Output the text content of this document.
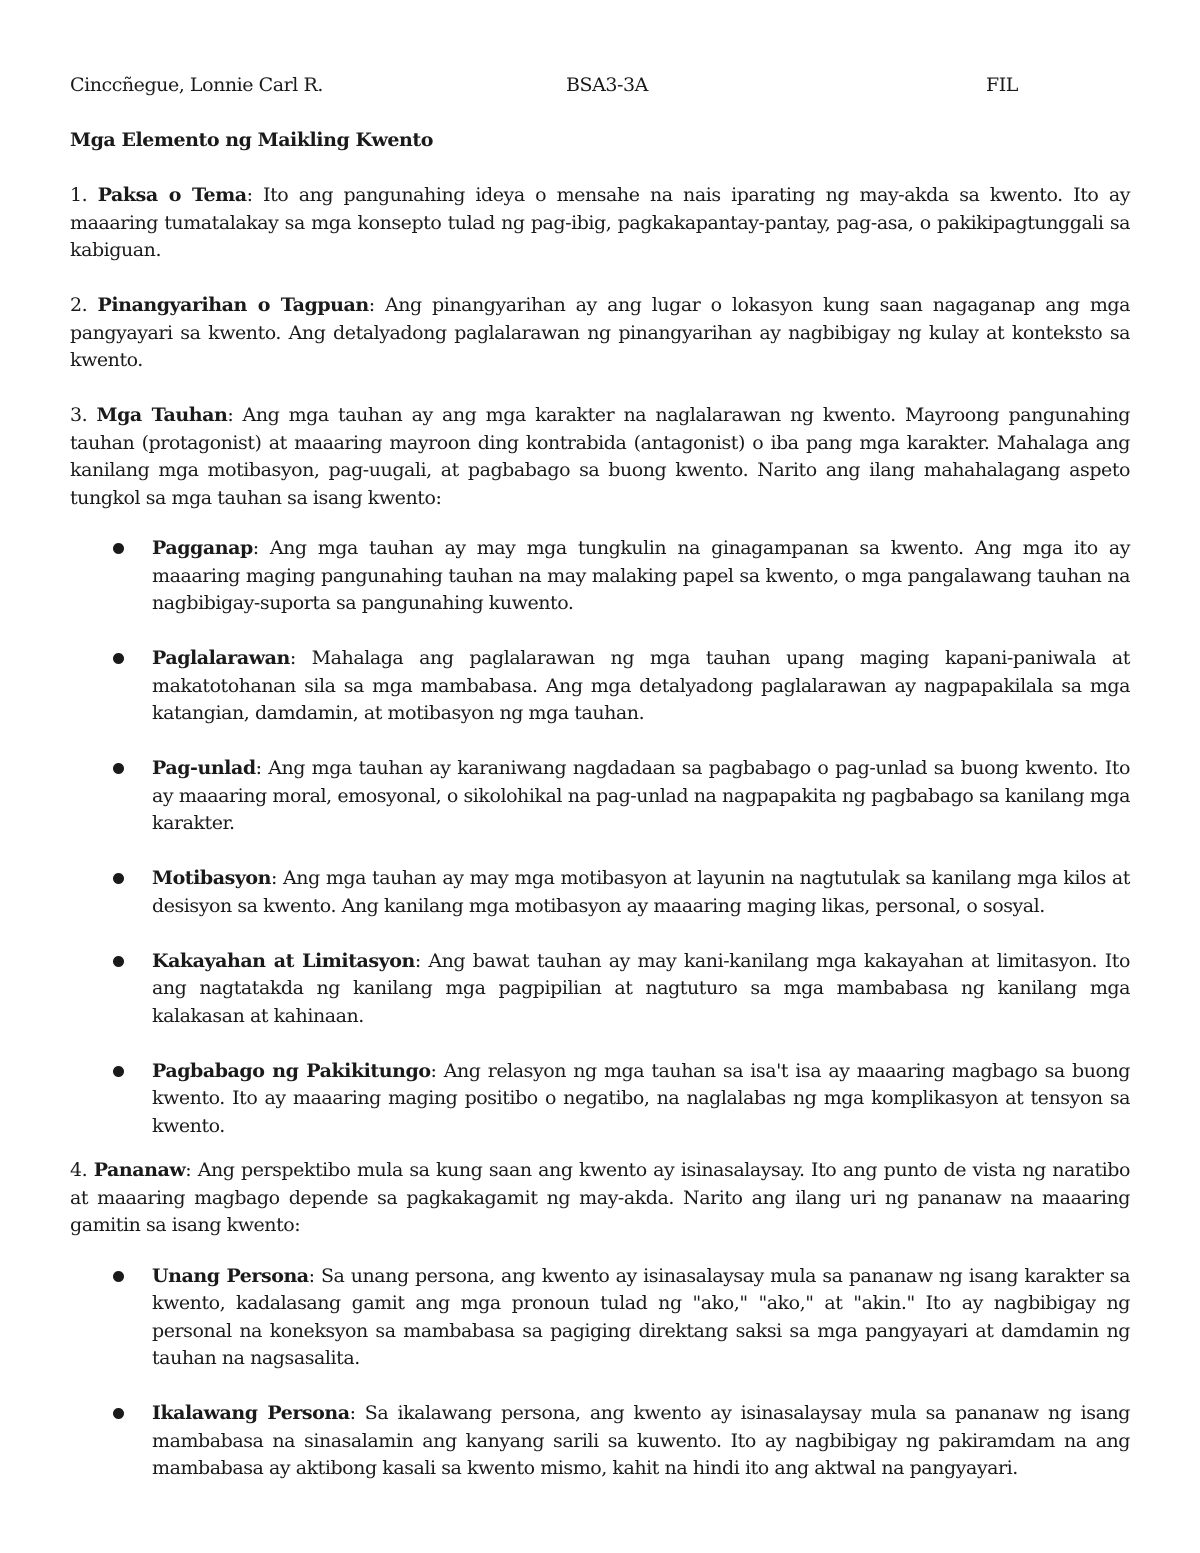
Cinccñegue, Lonnie Carl R.	BSA3-3A	FIL
Mga Elemento ng Maikling Kwento

1. Paksa o Tema: Ito ang pangunahing ideya o mensahe na nais iparating ng may-akda sa kwento. Ito ay maaaring tumatalakay sa mga konsepto tulad ng pag-ibig, pagkakapantay-pantay, pag-asa, o pakikipagtunggali sa kabiguan.

2. Pinangyarihan o Tagpuan: Ang pinangyarihan ay ang lugar o lokasyon kung saan nagaganap ang mga pangyayari sa kwento. Ang detalyadong paglalarawan ng pinangyarihan ay nagbibigay ng kulay at konteksto sa kwento.

3. Mga Tauhan: Ang mga tauhan ay ang mga karakter na naglalarawan ng kwento. Mayroong pangunahing tauhan (protagonist) at maaaring mayroon ding kontrabida (antagonist) o iba pang mga karakter. Mahalaga ang kanilang mga motibasyon, pag-uugali, at pagbabago sa buong kwento. Narito ang ilang mahahalagang aspeto tungkol sa mga tauhan sa isang kwento:

Pagganap: Ang mga tauhan ay may mga tungkulin na ginagampanan sa kwento. Ang mga ito ay maaaring maging pangunahing tauhan na may malaking papel sa kwento, o mga pangalawang tauhan na nagbibigay-suporta sa pangunahing kuwento.
Paglalarawan: Mahalaga ang paglalarawan ng mga tauhan upang maging kapani-paniwala at makatotohanan sila sa mga mambabasa. Ang mga detalyadong paglalarawan ay nagpapakilala sa mga katangian, damdamin, at motibasyon ng mga tauhan.
Pag-unlad: Ang mga tauhan ay karaniwang nagdadaan sa pagbabago o pag-unlad sa buong kwento. Ito ay maaaring moral, emosyonal, o sikolohikal na pag-unlad na nagpapakita ng pagbabago sa kanilang mga karakter.
Motibasyon: Ang mga tauhan ay may mga motibasyon at layunin na nagtutulak sa kanilang mga kilos at desisyon sa kwento. Ang kanilang mga motibasyon ay maaaring maging likas, personal, o sosyal.
Kakayahan at Limitasyon: Ang bawat tauhan ay may kani-kanilang mga kakayahan at limitasyon. Ito ang nagtatakda ng kanilang mga pagpipilian at nagtuturo sa mga mambabasa ng kanilang mga kalakasan at kahinaan.
Pagbabago ng Pakikitungo: Ang relasyon ng mga tauhan sa isa't isa ay maaaring magbago sa buong kwento. Ito ay maaaring maging positibo o negatibo, na naglalabas ng mga komplikasyon at tensyon sa kwento.

4. Pananaw: Ang perspektibo mula sa kung saan ang kwento ay isinasalaysay. Ito ang punto de vista ng naratibo at maaaring magbago depende sa pagkakagamit ng may-akda. Narito ang ilang uri ng pananaw na maaaring gamitin sa isang kwento:

Unang Persona: Sa unang persona, ang kwento ay isinasalaysay mula sa pananaw ng isang karakter sa kwento, kadalasang gamit ang mga pronoun tulad ng "ako," "ako," at "akin." Ito ay nagbibigay ng personal na koneksyon sa mambabasa sa pagiging direktang saksi sa mga pangyayari at damdamin ng tauhan na nagsasalita.
Ikalawang Persona: Sa ikalawang persona, ang kwento ay isinasalaysay mula sa pananaw ng isang mambabasa na sinasalamin ang kanyang sarili sa kuwento. Ito ay nagbibigay ng pakiramdam na ang mambabasa ay aktibong kasali sa kwento mismo, kahit na hindi ito ang aktwal na pangyayari.
